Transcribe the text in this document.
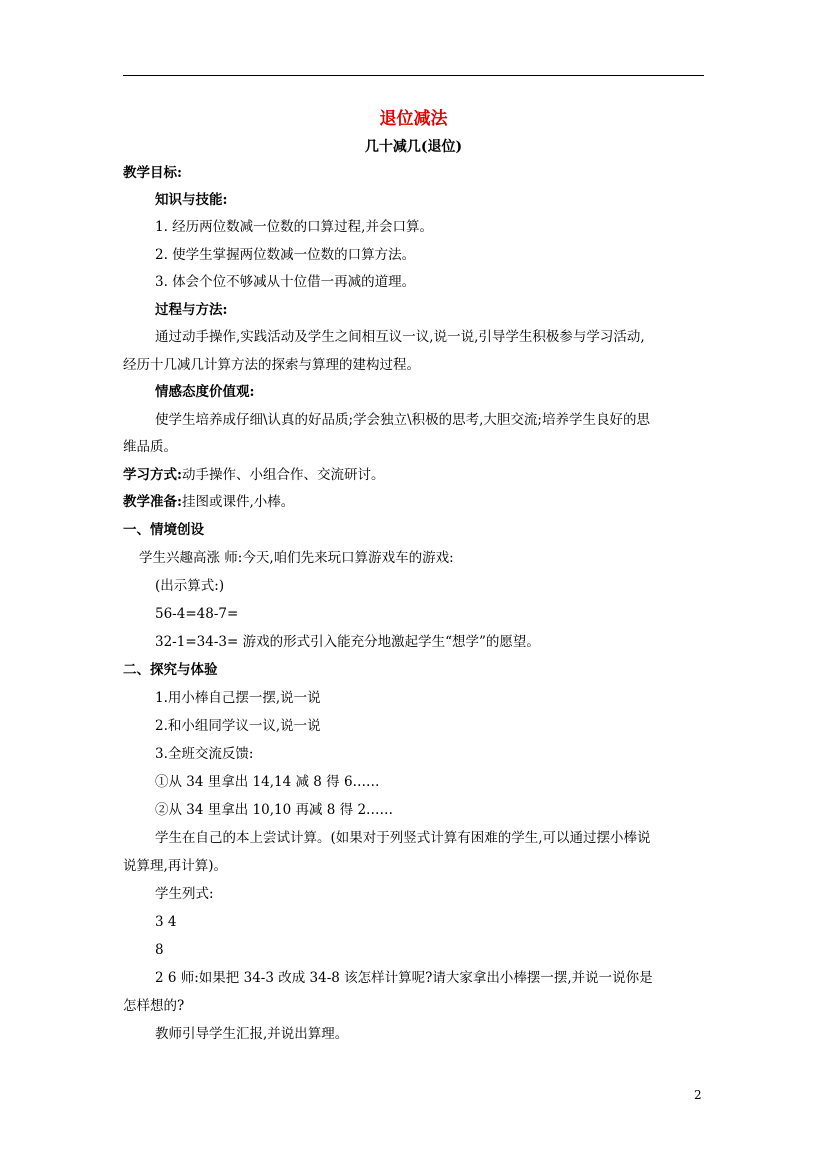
退位减法
几十减几(退位)
教学目标:
知识与技能:
1. 经历两位数减一位数的口算过程,并会口算。
2. 使学生掌握两位数减一位数的口算方法。
3. 体会个位不够减从十位借一再减的道理。
过程与方法:
通过动手操作,实践活动及学生之间相互议一议,说一说,引导学生积极参与学习活动,
经历十几减几计算方法的探索与算理的建构过程。
情感态度价值观:
使学生培养成仔细\认真的好品质;学会独立\积极的思考,大胆交流;培养学生良好的思
维品质。
学习方式:动手操作、小组合作、交流研讨。
教学准备:挂图或课件,小棒。
一、情境创设
学生兴趣高涨 师:今天,咱们先来玩口算游戏车的游戏:
(出示算式:)
56-4=48-7=
32-1=34-3= 游戏的形式引入能充分地激起学生“想学”的愿望。
二、探究与体验
1.用小棒自己摆一摆,说一说
2.和小组同学议一议,说一说
3.全班交流反馈:
①从 34 里拿出 14,14 减 8 得 6……
②从 34 里拿出 10,10 再减 8 得 2……
学生在自己的本上尝试计算。(如果对于列竖式计算有困难的学生,可以通过摆小棒说
说算理,再计算)。
学生列式:
3 4
8
2 6 师:如果把 34-3 改成 34-8 该怎样计算呢?请大家拿出小棒摆一摆,并说一说你是
怎样想的?
教师引导学生汇报,并说出算理。
2
